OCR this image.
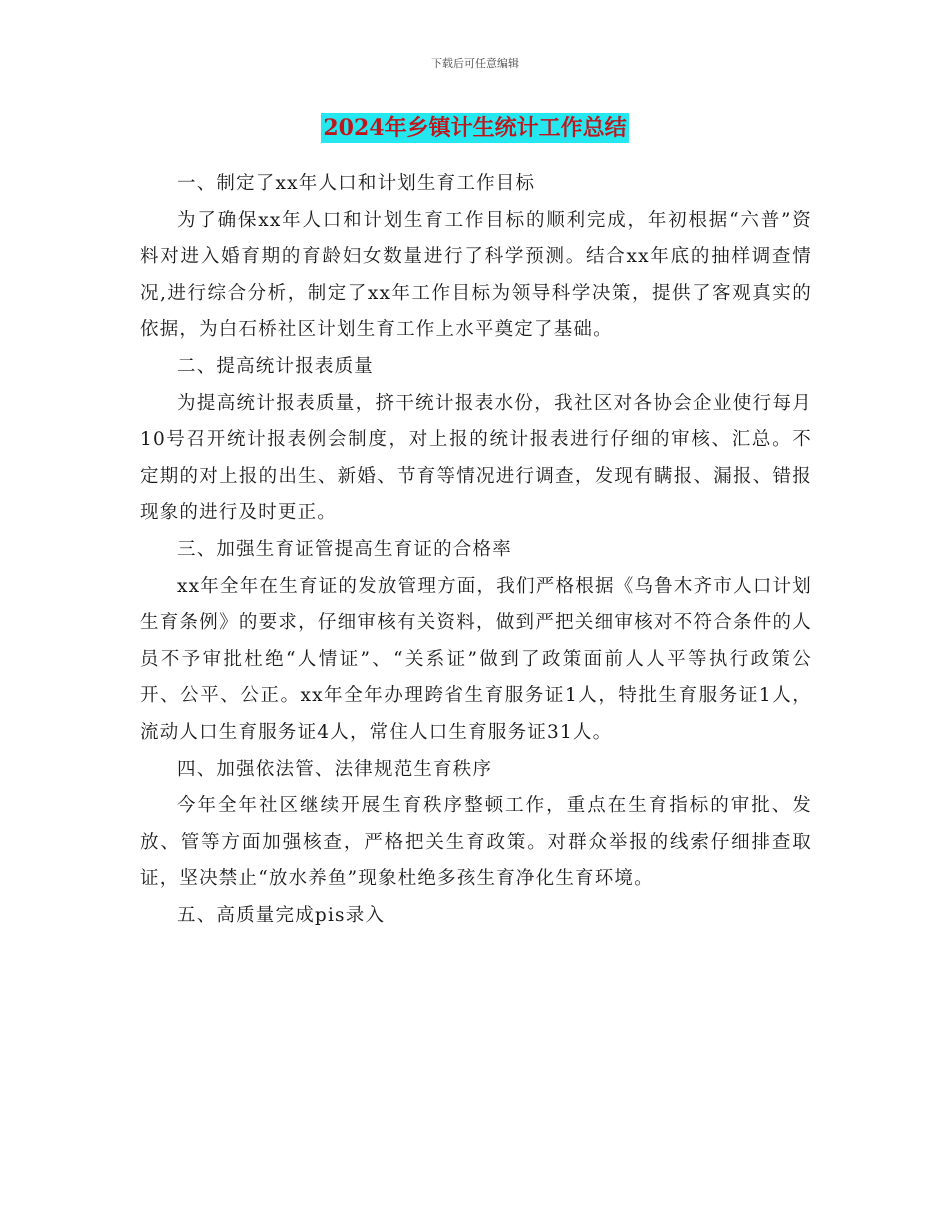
下载后可任意编辑
2024年乡镇计生统计工作总结

一、制定了xx年人口和计划生育工作目标

为了确保xx年人口和计划生育工作目标的顺利完成，年初根据“六普”资料对进入婚育期的育龄妇女数量进行了科学预测。结合xx年底的抽样调查情况,进行综合分析，制定了xx年工作目标为领导科学决策，提供了客观真实的依据，为白石桥社区计划生育工作上水平奠定了基础。

二、提高统计报表质量

为提高统计报表质量，挤干统计报表水份，我社区对各协会企业使行每月10号召开统计报表例会制度，对上报的统计报表进行仔细的审核、汇总。不定期的对上报的出生、新婚、节育等情况进行调查，发现有瞒报、漏报、错报现象的进行及时更正。

三、加强生育证管提高生育证的合格率

xx年全年在生育证的发放管理方面，我们严格根据《乌鲁木齐市人口计划生育条例》的要求，仔细审核有关资料，做到严把关细审核对不符合条件的人员不予审批杜绝“人情证”、“关系证”做到了政策面前人人平等执行政策公开、公平、公正。xx年全年办理跨省生育服务证1人，特批生育服务证1人，流动人口生育服务证4人，常住人口生育服务证31人。

四、加强依法管、法律规范生育秩序

今年全年社区继续开展生育秩序整顿工作，重点在生育指标的审批、发放、管等方面加强核查，严格把关生育政策。对群众举报的线索仔细排查取证，坚决禁止“放水养鱼”现象杜绝多孩生育净化生育环境。

五、高质量完成pis录入
